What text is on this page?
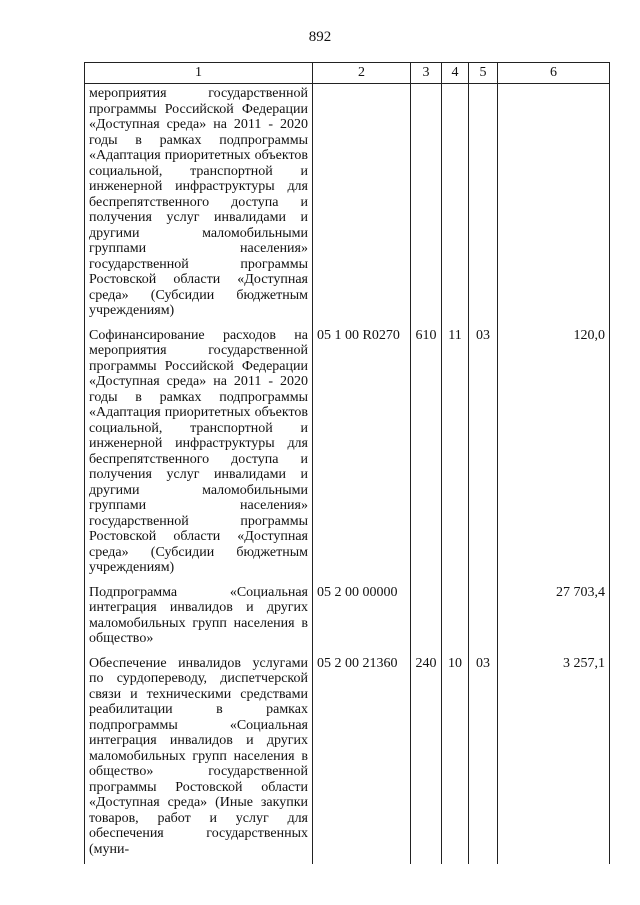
892
1	2	3	4	5	6
мероприятия государственной программы Российской Федерации «Доступная среда» на 2011 - 2020 годы в рамках подпрограммы «Адаптация приоритетных объектов социальной, транспортной и инженерной инфраструктуры для беспрепятственного доступа и получения услуг инвалидами и другими маломобильными группами населения» государственной программы Ростовской области «Доступная среда» (Субсидии бюджетным учреждениям)					
Софинансирование расходов на мероприятия государственной программы Российской Федерации «Доступная среда» на 2011 - 2020 годы в рамках подпрограммы «Адаптация приоритетных объектов социальной, транспортной и инженерной инфраструктуры для беспрепятственного доступа и получения услуг инвалидами и другими маломобильными группами населения» государственной программы Ростовской области «Доступная среда» (Субсидии бюджетным учреждениям)	05 1 00 R0270	610	11	03	120,0
Подпрограмма «Социальная интеграция инвалидов и других маломобильных групп населения в общество»	05 2 00 00000				27 703,4
Обеспечение инвалидов услугами по сурдопереводу, диспетчерской связи и техническими средствами реабилитации в рамках подпрограммы «Социальная интеграция инвалидов и других маломобильных групп населения в общество» государственной программы Ростовской области «Доступная среда» (Иные закупки товаров, работ и услуг для обеспечения государственных (муни-	05 2 00 21360	240	10	03	3 257,1
